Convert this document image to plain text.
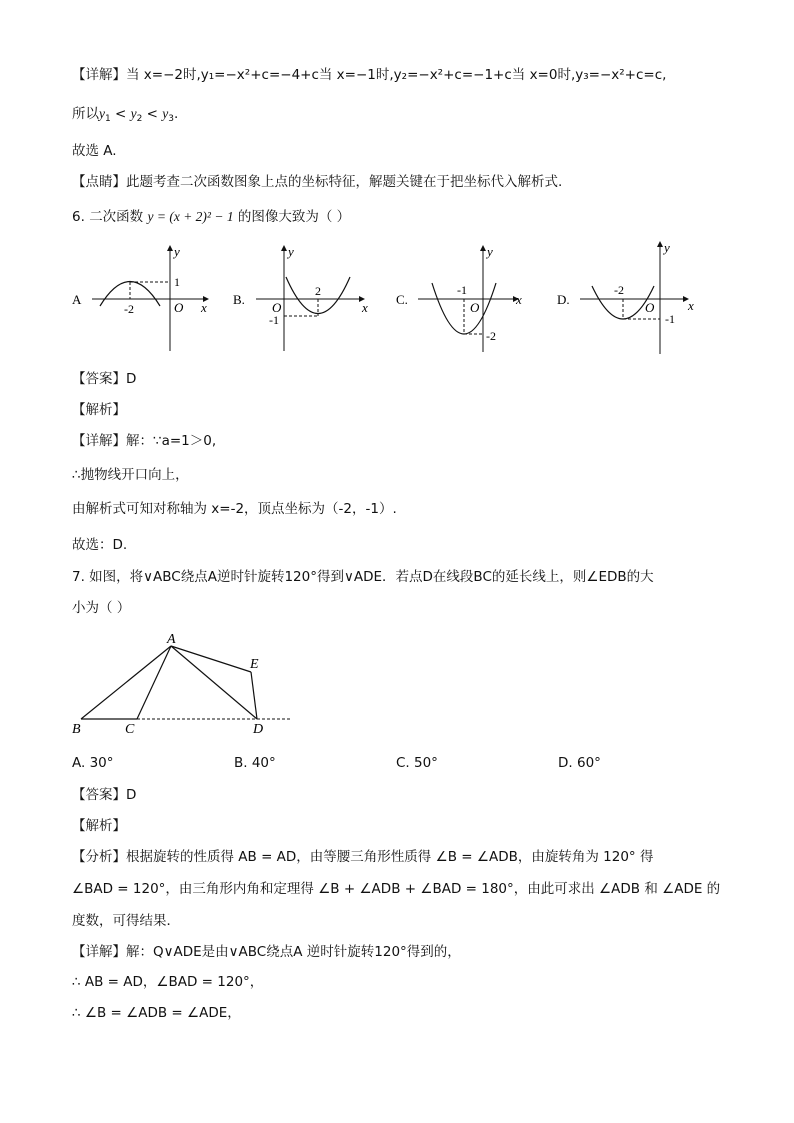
【详解】当 x=−2时,y₁=−x²+c=−4+c当 x=−1时,y₂=−x²+c=−1+c当 x=0时,y₃=−x²+c=c,
所以$y_1 < y_2 < y_3$.
故选 A.
【点睛】此题考查二次函数图象上点的坐标特征，解题关键在于把坐标代入解析式.
6. 二次函数 y = (x + 2)² − 1 的图像大致为（ ）
A
1
-2	O x
y
B.
2
-1
O	x
y
C.
-1
-2
O
x
y
D.
-2
-1
O	x
y
【答案】D
【解析】
【详解】解：∵a=1＞0,
∴抛物线开口向上，
由解析式可知对称轴为 x=-2，顶点坐标为（-2，-1）.
故选：D.
7. 如图，将∨ABC绕点A逆时针旋转120°得到∨ADE．若点D在线段BC的延长线上，则∠EDB的大
小为（ ）
A
B	C	D
E
A. 30°	B. 40°	C. 50°	D. 60°
【答案】D
【解析】
【分析】根据旋转的性质得 AB = AD，由等腰三角形性质得 ∠B = ∠ADB，由旋转角为 120° 得
∠BAD = 120°，由三角形内角和定理得 ∠B + ∠ADB + ∠BAD = 180°，由此可求出 ∠ADB 和 ∠ADE 的
度数，可得结果．
【详解】解：Q∨ADE是由∨ABC绕点A 逆时针旋转120°得到的，
∴ AB = AD，∠BAD = 120°，
∴ ∠B = ∠ADB = ∠ADE，
